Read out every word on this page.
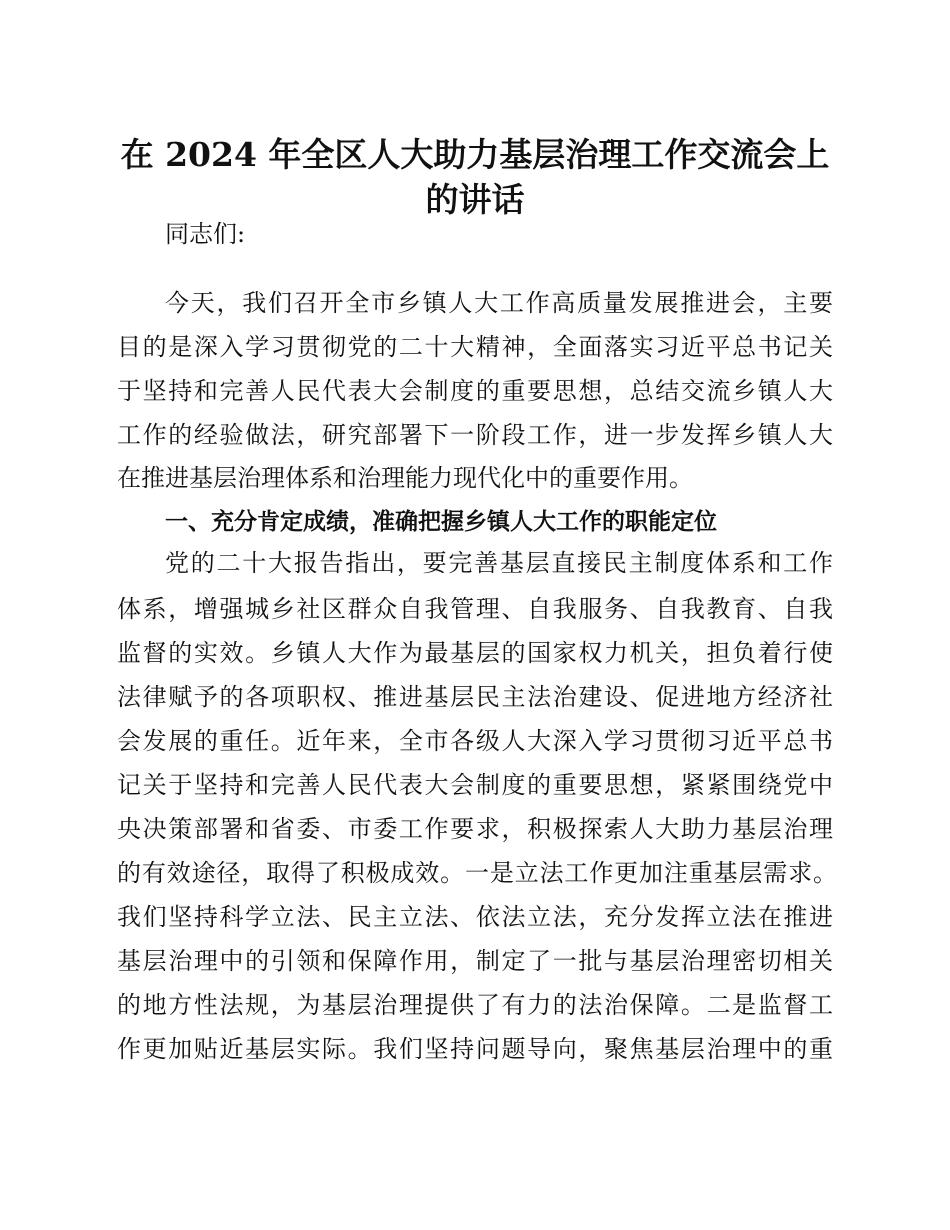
在 2024 年全区人大助力基层治理工作交流会上
的讲话
同志们:
今天，我们召开全市乡镇人大工作高质量发展推进会，主要
目的是深入学习贯彻党的二十大精神，全面落实习近平总书记关
于坚持和完善人民代表大会制度的重要思想，总结交流乡镇人大
工作的经验做法，研究部署下一阶段工作，进一步发挥乡镇人大
在推进基层治理体系和治理能力现代化中的重要作用。
一、充分肯定成绩，准确把握乡镇人大工作的职能定位
党的二十大报告指出，要完善基层直接民主制度体系和工作
体系，增强城乡社区群众自我管理、自我服务、自我教育、自我
监督的实效。乡镇人大作为最基层的国家权力机关，担负着行使
法律赋予的各项职权、推进基层民主法治建设、促进地方经济社
会发展的重任。近年来，全市各级人大深入学习贯彻习近平总书
记关于坚持和完善人民代表大会制度的重要思想，紧紧围绕党中
央决策部署和省委、市委工作要求，积极探索人大助力基层治理
的有效途径，取得了积极成效。一是立法工作更加注重基层需求。
我们坚持科学立法、民主立法、依法立法，充分发挥立法在推进
基层治理中的引领和保障作用，制定了一批与基层治理密切相关
的地方性法规，为基层治理提供了有力的法治保障。二是监督工
作更加贴近基层实际。我们坚持问题导向，聚焦基层治理中的重
